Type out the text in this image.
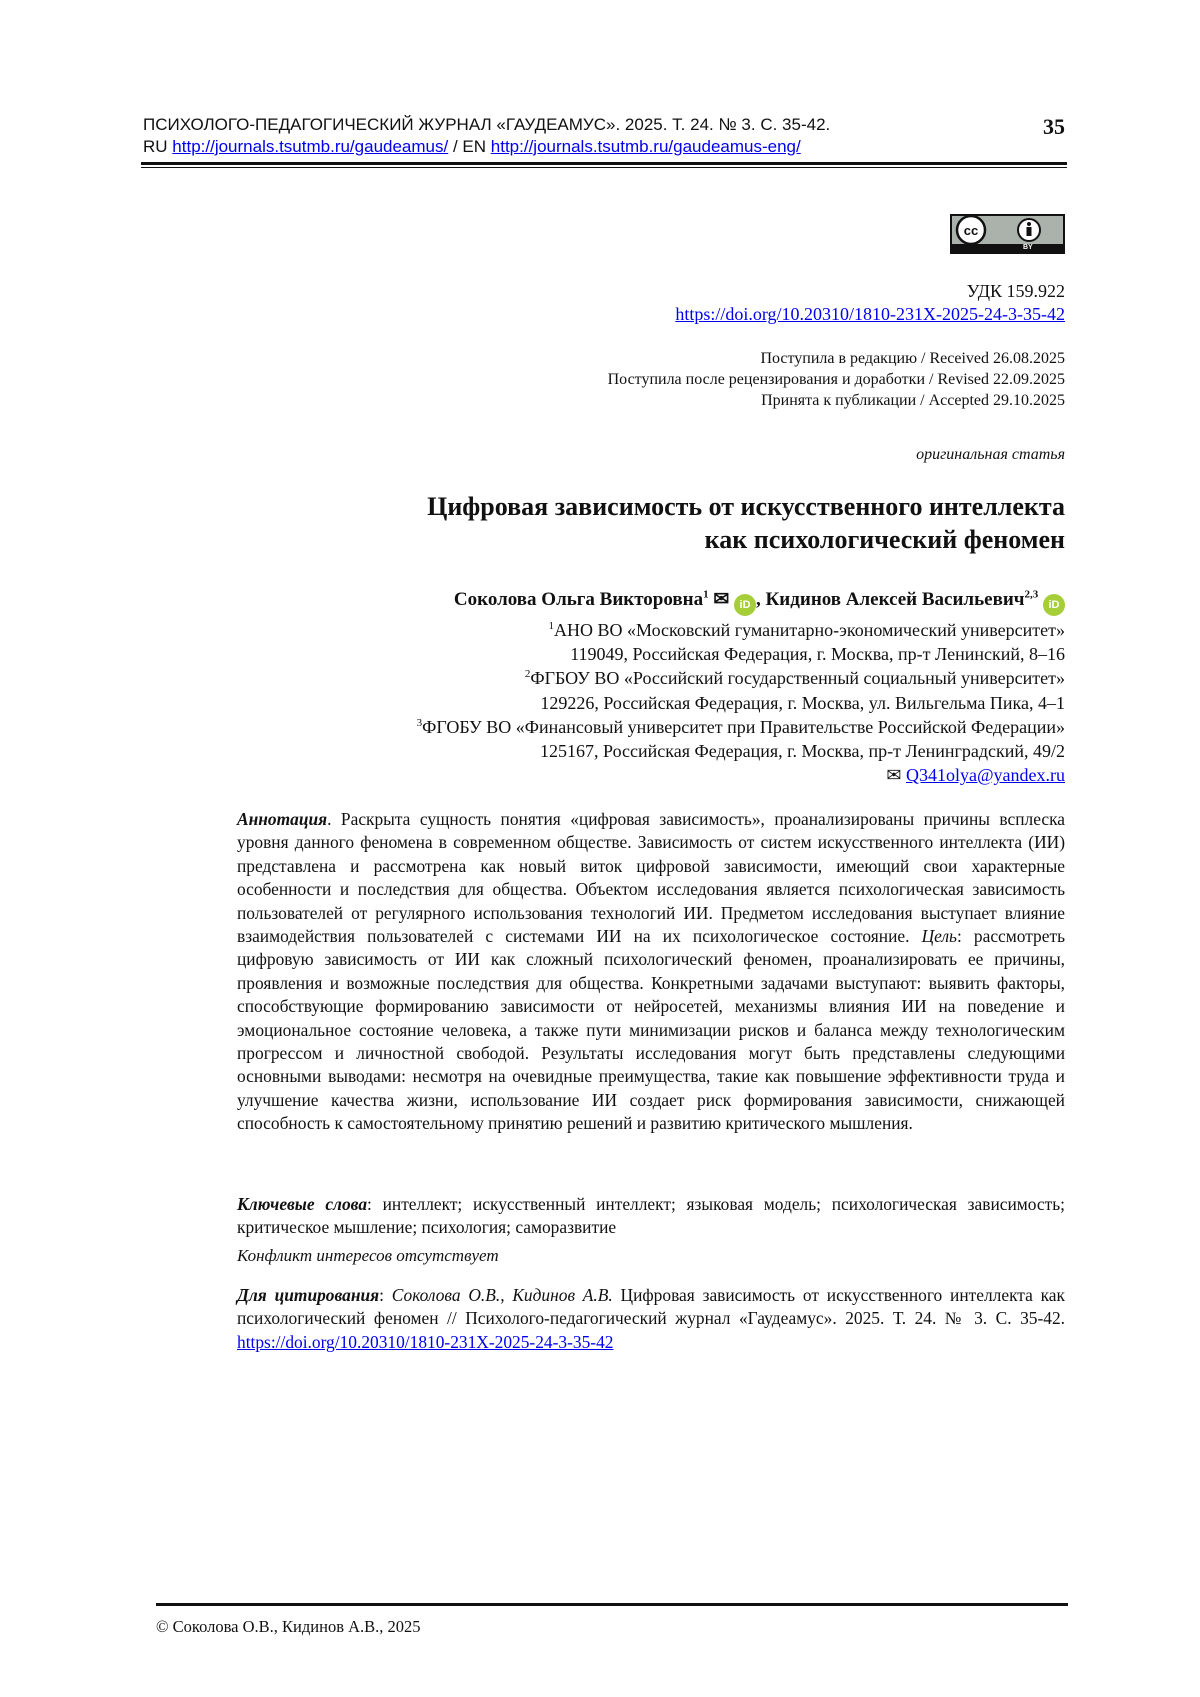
ПСИХОЛОГО-ПЕДАГОГИЧЕСКИЙ ЖУРНАЛ «ГАУДЕАМУС». 2025. Т. 24. № 3. С. 35-42.
RU http://journals.tsutmb.ru/gaudeamus/ / EN http://journals.tsutmb.ru/gaudeamus-eng/
35
cc
BY
УДК 159.922
https://doi.org/10.20310/1810-231X-2025-24-3-35-42
Поступила в редакцию / Received 26.08.2025
Поступила после рецензирования и доработки / Revised 22.09.2025
Принята к публикации / Accepted 29.10.2025
оригинальная статья
Цифровая зависимость от искусственного интеллекта
как психологический феномен
Соколова Ольга Викторовна$^1$ ✉ iD , Кидинов Алексей Васильевич$^{2,3}$ iD
$^1$АНО ВО «Московский гуманитарно-экономический университет»
119049, Российская Федерация, г. Москва, пр-т Ленинский, 8–16
$^2$ФГБОУ ВО «Российский государственный социальный университет»
129226, Российская Федерация, г. Москва, ул. Вильгельма Пика, 4–1
$^3$ФГОБУ ВО «Финансовый университет при Правительстве Российской Федерации»
125167, Российская Федерация, г. Москва, пр-т Ленинградский, 49/2
✉ Q341olya@yandex.ru
Аннотация. Раскрыта сущность понятия «цифровая зависимость», проанализированы причины всплеска уровня данного феномена в современном обществе. Зависимость от систем искусственного интеллекта (ИИ) представлена и рассмотрена как новый виток цифровой зависимости, имеющий свои характерные особенности и последствия для общества. Объектом исследования является психологическая зависимость пользователей от регулярного использования технологий ИИ. Предметом исследования выступает влияние взаимодействия пользователей с системами ИИ на их психологическое состояние. Цель: рассмотреть цифровую зависимость от ИИ как сложный психологический феномен, проанализировать ее причины, проявления и возможные последствия для общества. Конкретными задачами выступают: выявить факторы, способствующие формированию зависимости от нейросетей, механизмы влияния ИИ на поведение и эмоциональное состояние человека, а также пути минимизации рисков и баланса между технологическим прогрессом и личностной свободой. Результаты исследования могут быть представлены следующими основными выводами: несмотря на очевидные преимущества, такие как повышение эффективности труда и улучшение качества жизни, использование ИИ создает риск формирования зависимости, снижающей способность к самостоятельному принятию решений и развитию критического мышления.
Ключевые слова: интеллект; искусственный интеллект; языковая модель; психологическая зависимость; критическое мышление; психология; саморазвитие
Конфликт интересов отсутствует
Для цитирования: Соколова О.В., Кидинов А.В. Цифровая зависимость от искусственного интеллекта как психологический феномен // Психолого-педагогический журнал «Гаудеамус». 2025. Т. 24. № 3. С. 35-42. https://doi.org/10.20310/1810-231X-2025-24-3-35-42
© Соколова О.В., Кидинов А.В., 2025
